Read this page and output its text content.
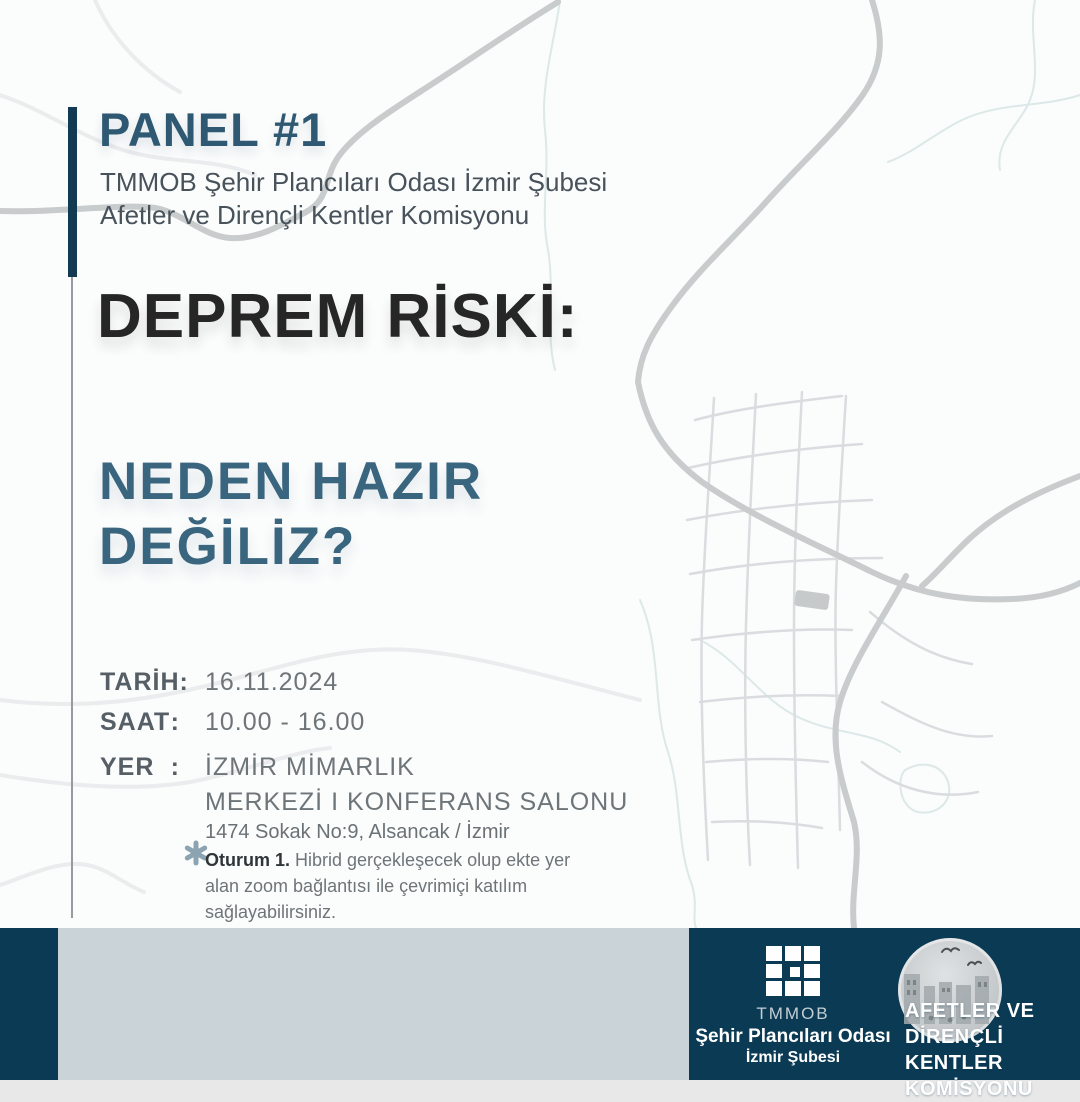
PANEL #1
TMMOB Şehir Plancıları Odası İzmir Şubesi
Afetler ve Dirençli Kentler Komisyonu
DEPREM RİSKİ:
NEDEN HAZIR
DEĞİLİZ?
TARİH : 16.11.2024
SAAT : 10.00 - 16.00
YER : İZMİR MİMARLIK
MERKEZİ I KONFERANS SALONU
1474 Sokak No:9, Alsancak / İzmir
Oturum 1. Hibrid gerçekleşecek olup ekte yer alan zoom bağlantısı ile çevrimiçi katılım sağlayabilirsiniz.
TMMOB
Şehir Plancıları Odası
İzmir Şubesi
AFETLER VE
DİRENÇLİ KENTLER
KOMİSYONU
